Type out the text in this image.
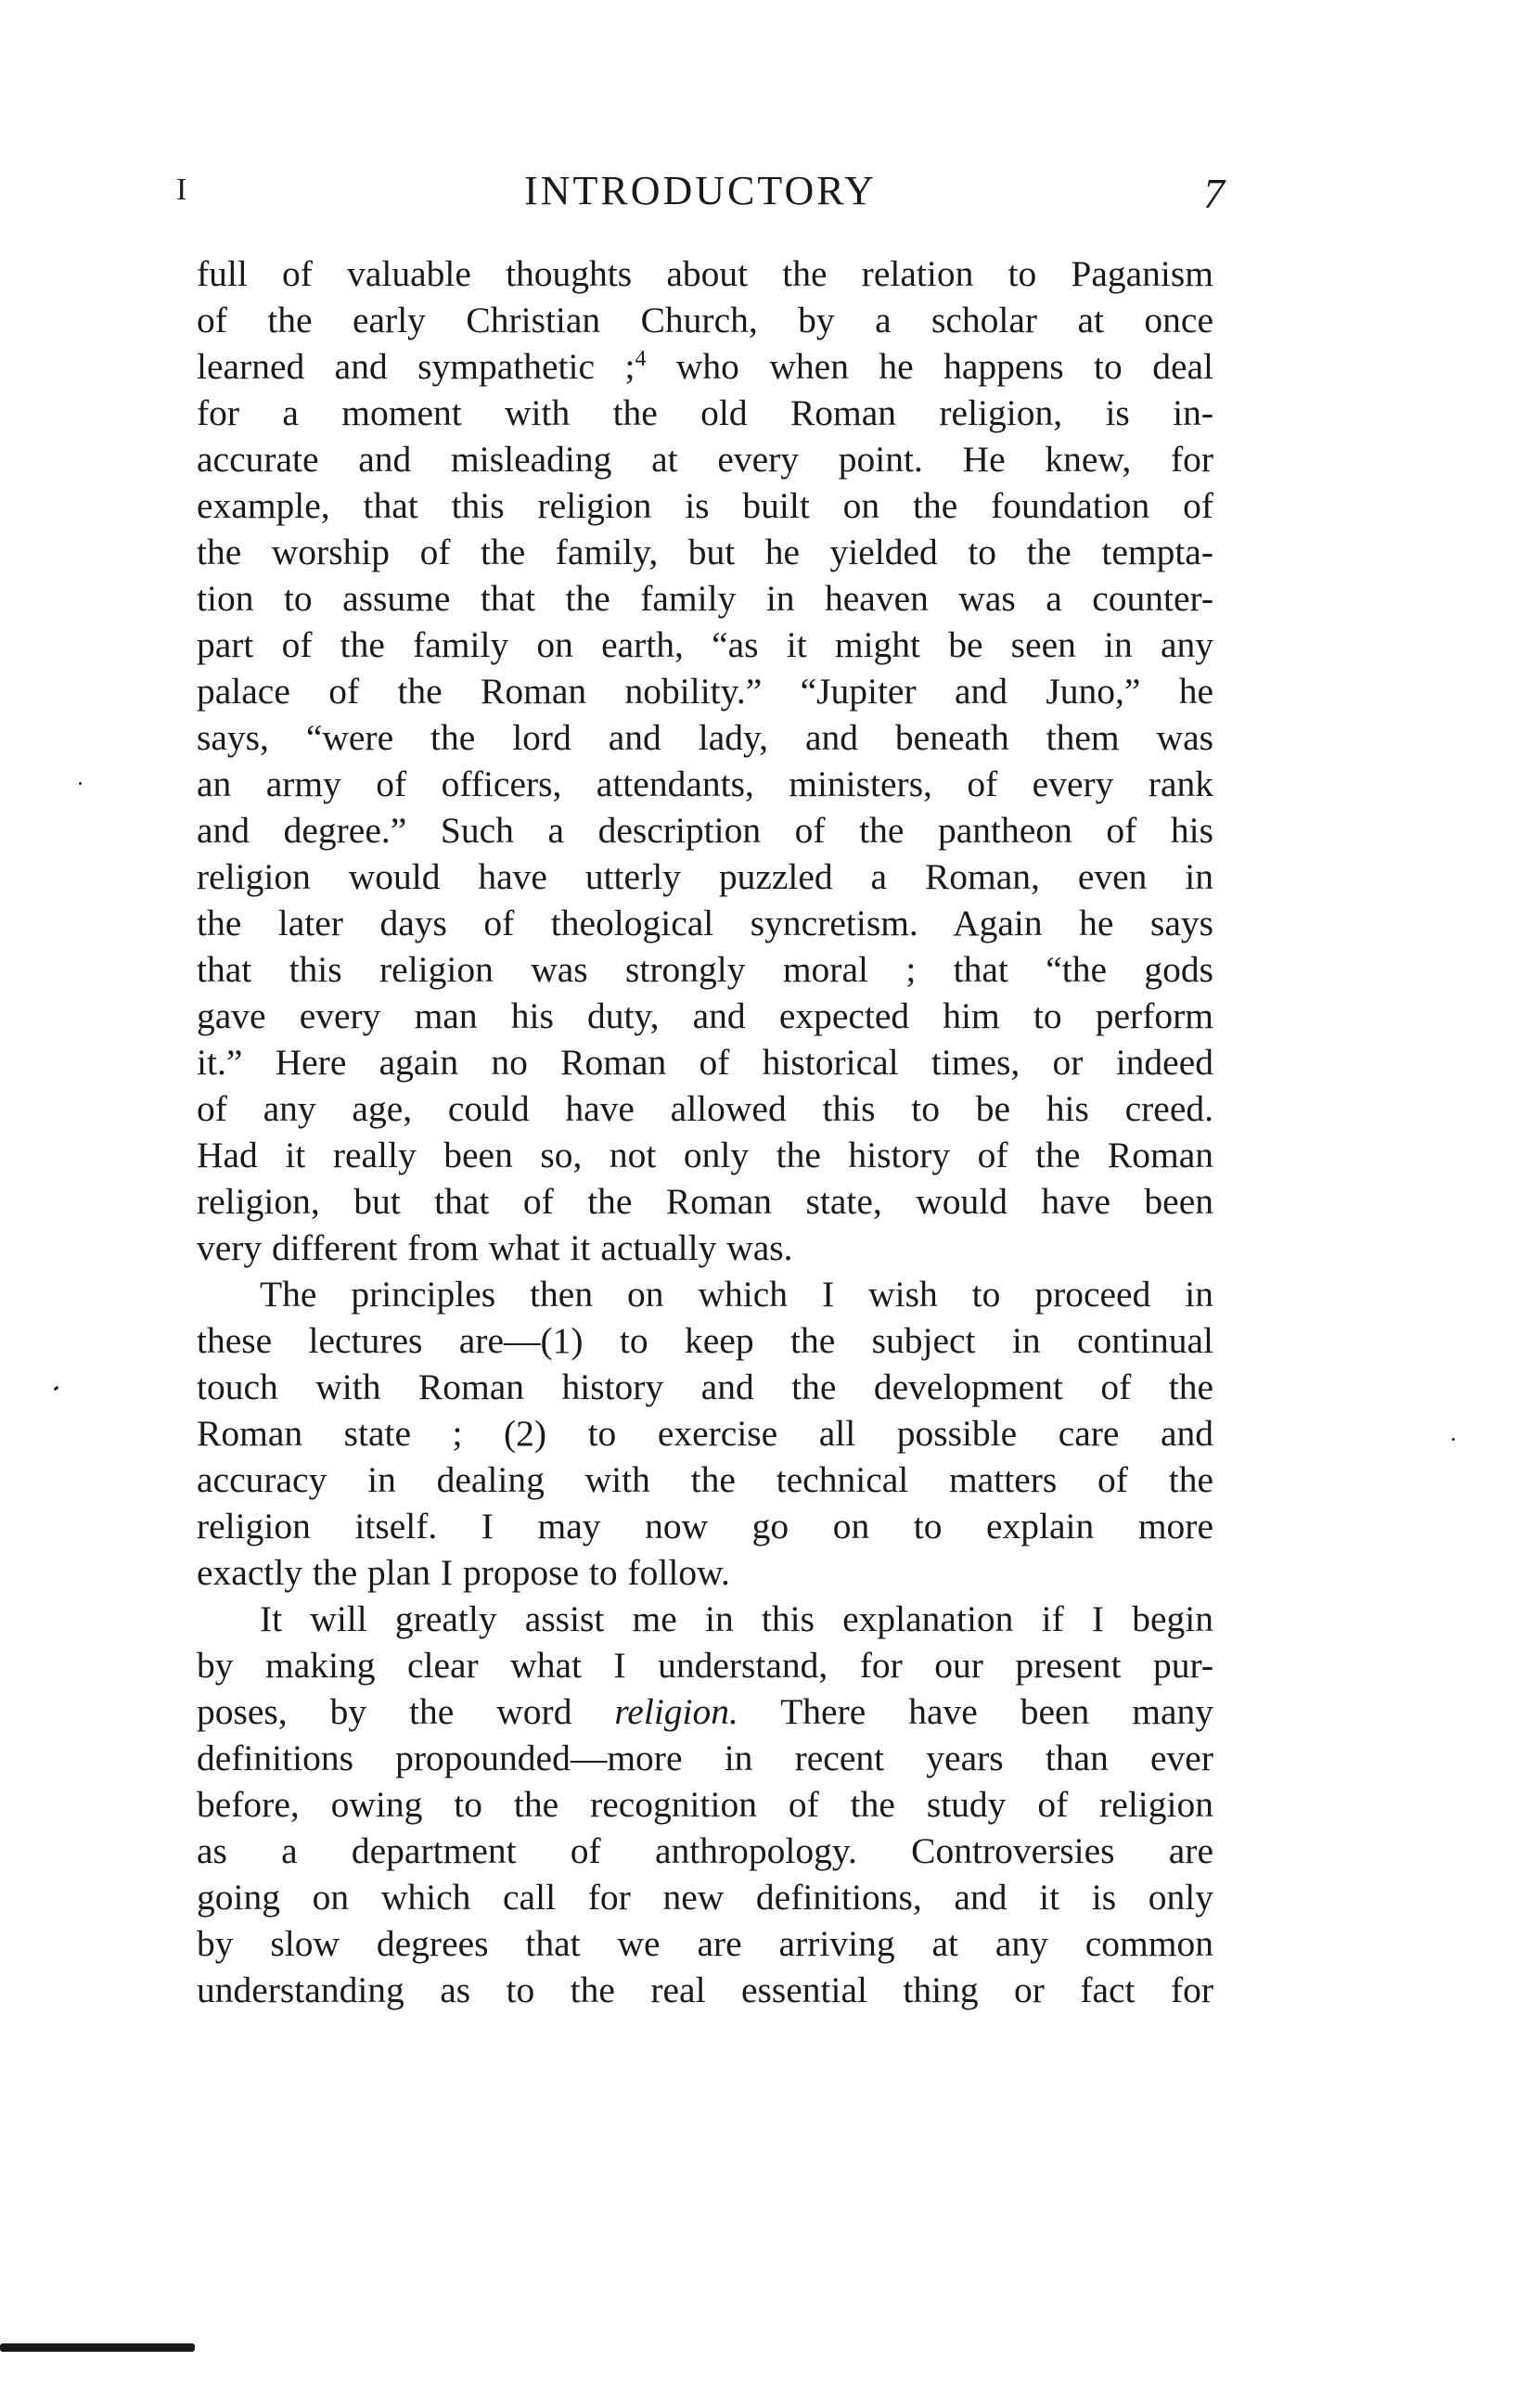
I	INTRODUCTORY	7

full of valuable thoughts about the relation to Paganism
of the early Christian Church, by a scholar at once
learned and sympathetic ;$^4$ who when he happens to deal
for a moment with the old Roman religion, is in-
accurate and misleading at every point. He knew, for
example, that this religion is built on the foundation of
the worship of the family, but he yielded to the tempta-
tion to assume that the family in heaven was a counter-
part of the family on earth, “as it might be seen in any
palace of the Roman nobility.” “Jupiter and Juno,” he
says, “were the lord and lady, and beneath them was
an army of officers, attendants, ministers, of every rank
and degree.” Such a description of the pantheon of his
religion would have utterly puzzled a Roman, even in
the later days of theological syncretism. Again he says
that this religion was strongly moral ; that “the gods
gave every man his duty, and expected him to perform
it.” Here again no Roman of historical times, or indeed
of any age, could have allowed this to be his creed.
Had it really been so, not only the history of the Roman
religion, but that of the Roman state, would have been
very different from what it actually was.

The principles then on which I wish to proceed in
these lectures are—(1) to keep the subject in continual
touch with Roman history and the development of the
Roman state ; (2) to exercise all possible care and
accuracy in dealing with the technical matters of the
religion itself. I may now go on to explain more
exactly the plan I propose to follow.

It will greatly assist me in this explanation if I begin
by making clear what I understand, for our present pur-
poses, by the word religion. There have been many
definitions propounded—more in recent years than ever
before, owing to the recognition of the study of religion
as a department of anthropology. Controversies are
going on which call for new definitions, and it is only
by slow degrees that we are arriving at any common
understanding as to the real essential thing or fact for
